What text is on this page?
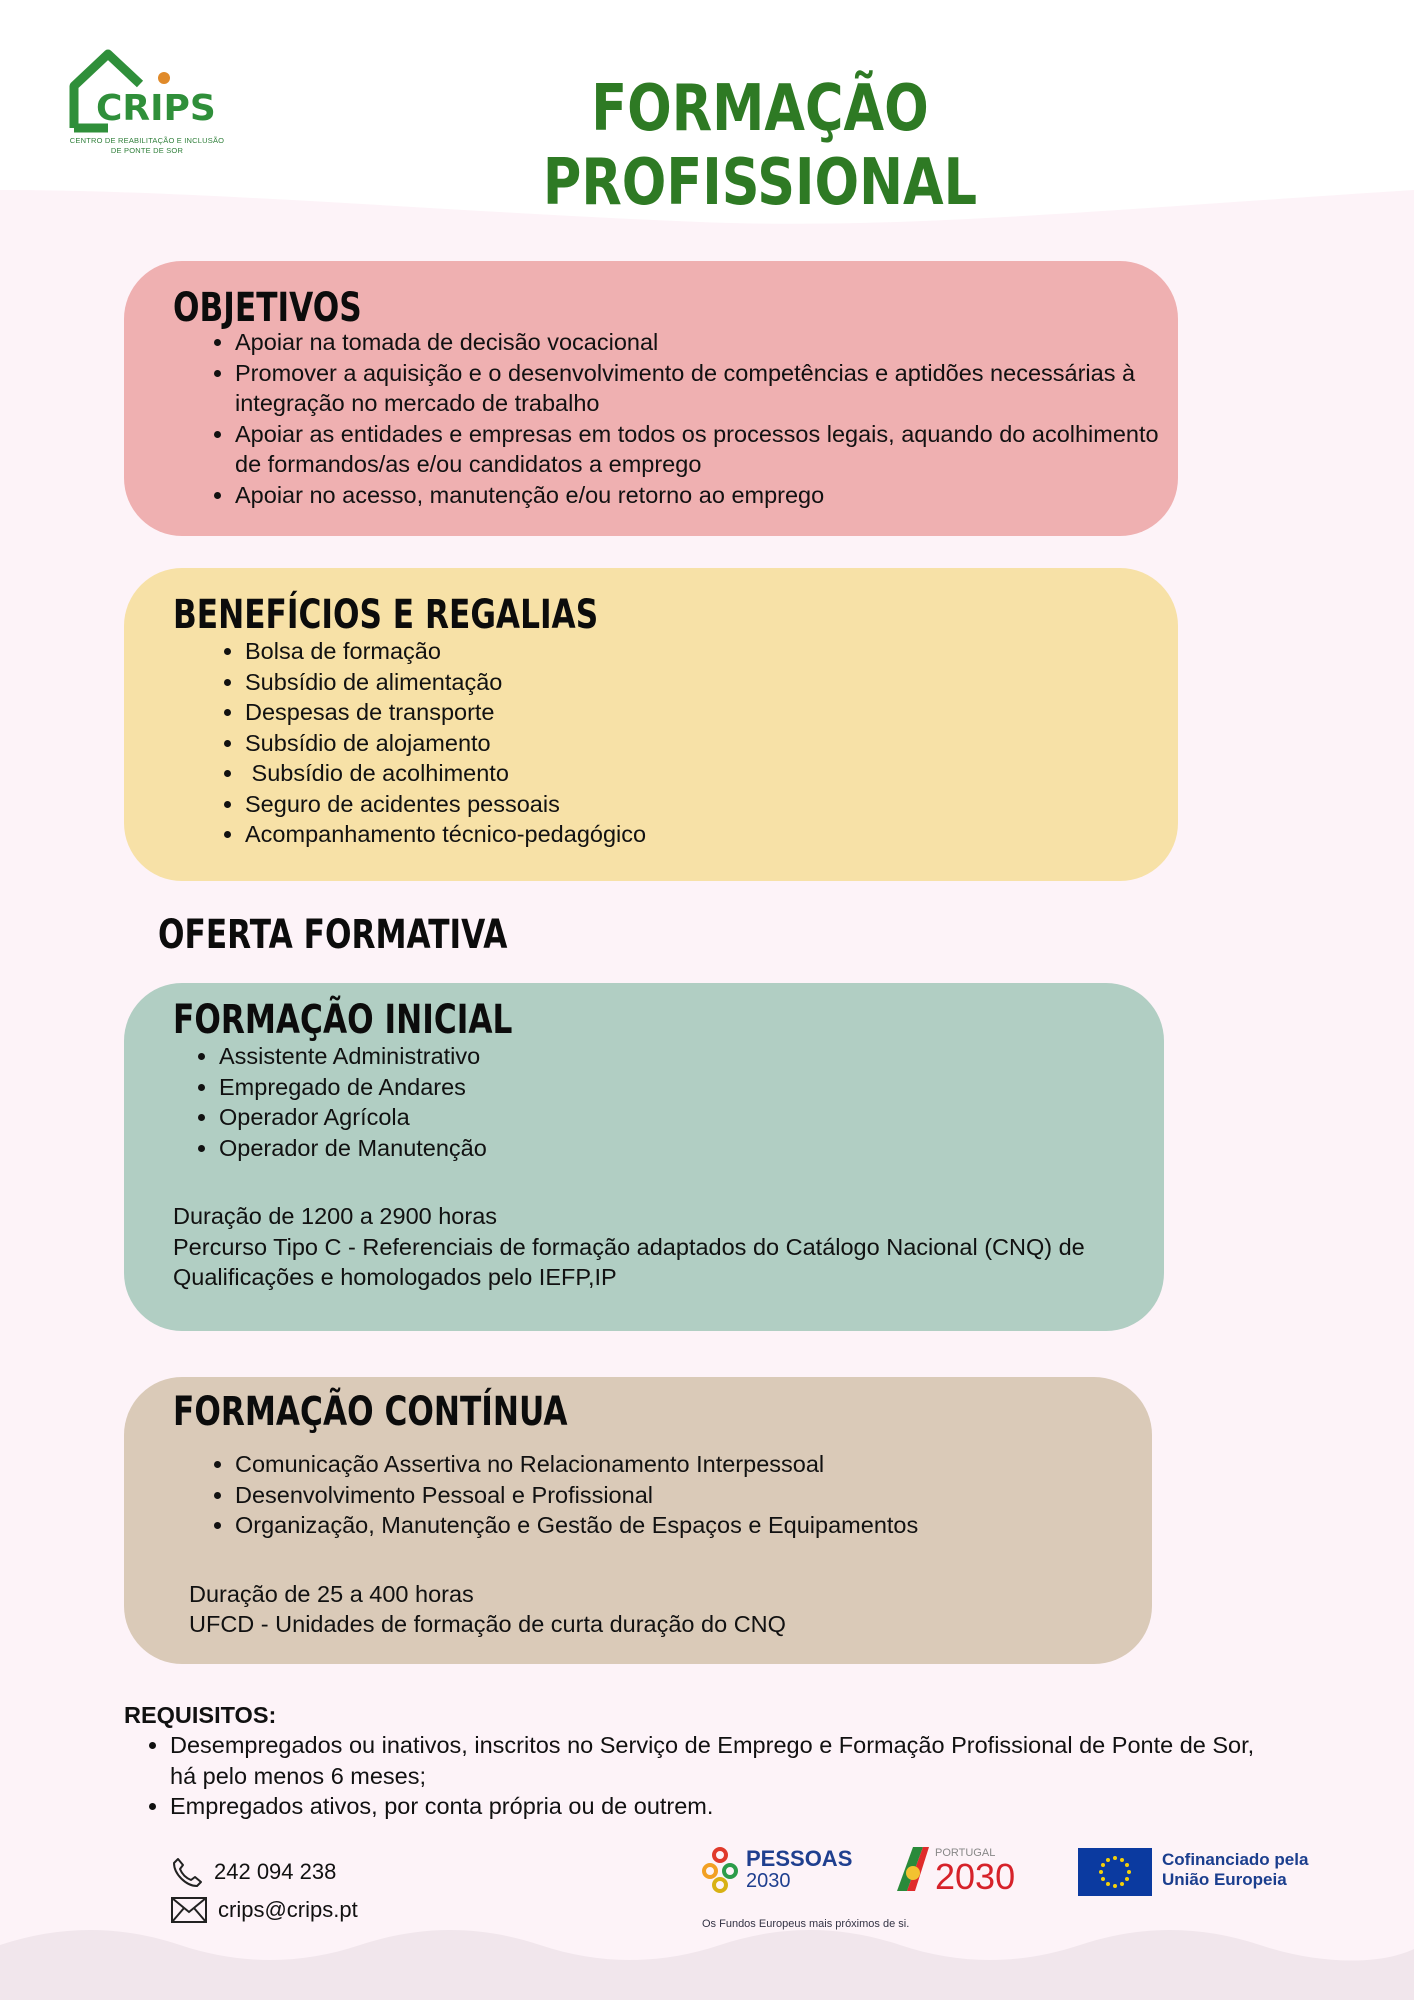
CRIPS
CENTRO DE REABILITAÇÃO E INCLUSÃO DE PONTE DE SOR
FORMAÇÃO PROFISSIONAL
OBJETIVOS
• Apoiar na tomada de decisão vocacional
• Promover a aquisição e o desenvolvimento de competências e aptidões necessárias à integração no mercado de trabalho
• Apoiar as entidades e empresas em todos os processos legais, aquando do acolhimento de formandos/as e/ou candidatos a emprego
• Apoiar no acesso, manutenção e/ou retorno ao emprego
BENEFÍCIOS E REGALIAS
• Bolsa de formação
• Subsídio de alimentação
• Despesas de transporte
• Subsídio de alojamento
•  Subsídio de acolhimento
• Seguro de acidentes pessoais
• Acompanhamento técnico-pedagógico
OFERTA FORMATIVA
FORMAÇÃO INICIAL
• Assistente Administrativo
• Empregado de Andares
• Operador Agrícola
• Operador de Manutenção

Duração de 1200 a 2900 horas

Percurso Tipo C - Referenciais de formação adaptados do Catálogo Nacional (CNQ) de Qualificações e homologados pelo IEFP,IP

FORMAÇÃO CONTÍNUA
• Comunicação Assertiva no Relacionamento Interpessoal
• Desenvolvimento Pessoal e Profissional
• Organização, Manutenção e Gestão de Espaços e Equipamentos

Duração de 25 a 400 horas

UFCD - Unidades de formação de curta duração do CNQ

REQUISITOS:
• Desempregados ou inativos, inscritos no Serviço de Emprego e Formação Profissional de Ponte de Sor, há pelo menos 6 meses;
• Empregados ativos, por conta própria ou de outrem.
242 094 238
crips@crips.pt
PESSOAS
2030
PORTUGAL
2030	Cofinanciado pela
União Europeia
Os Fundos Europeus mais próximos de si.
